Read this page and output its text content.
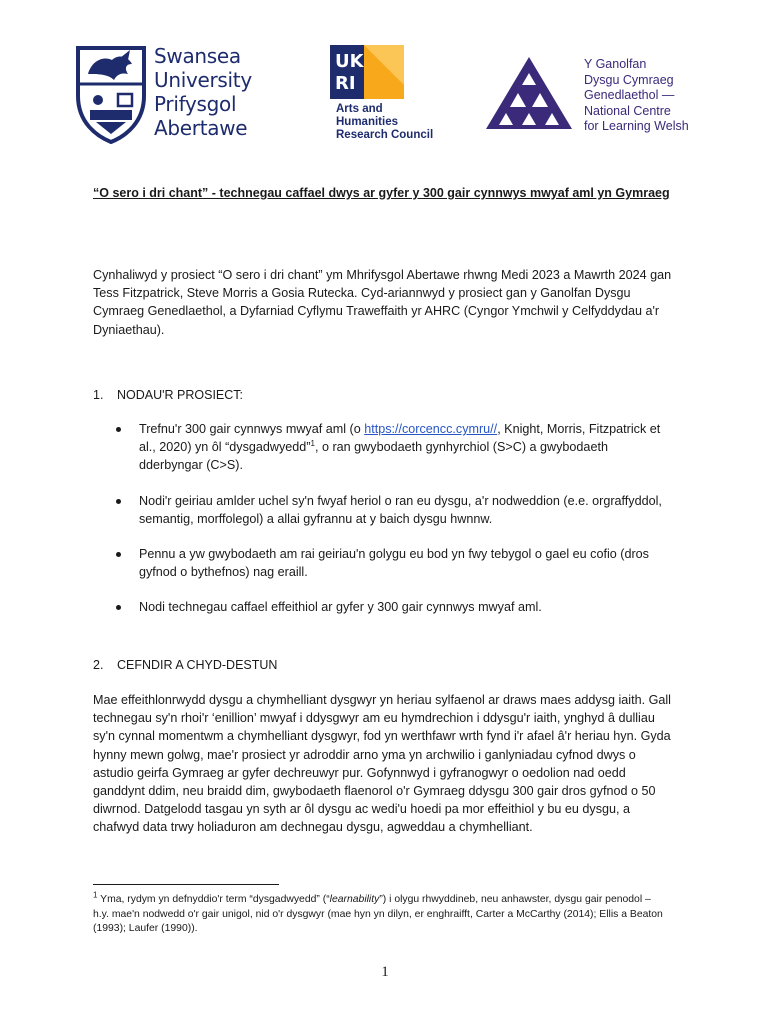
Swansea
University
Prifysgol
Abertawe
UK RI
Arts and
Humanities
Research Council
Y Ganolfan
Dysgu Cymraeg
Genedlaethol —
National Centre
for Learning Welsh
“O sero i dri chant” - technegau caffael dwys ar gyfer y 300 gair cynnwys mwyaf aml yn Gymraeg
Cynhaliwyd y prosiect “O sero i dri chant” ym Mhrifysgol Abertawe rhwng Medi 2023 a Mawrth 2024 gan Tess Fitzpatrick, Steve Morris a Gosia Rutecka. Cyd-ariannwyd y prosiect gan y Ganolfan Dysgu Cymraeg Genedlaethol, a Dyfarniad Cyflymu Traweffaith yr AHRC (Cyngor Ymchwil y Celfyddydau a'r Dyniaethau).
1. NODAU'R PROSIECT:
Trefnu'r 300 gair cynnwys mwyaf aml (o https://corcencc.cymru//, Knight, Morris, Fitzpatrick et al., 2020) yn ôl “dysgadwyedd”$^1$, o ran gwybodaeth gynhyrchiol (S>C) a gwybodaeth dderbyngar (C>S).
Nodi'r geiriau amlder uchel sy'n fwyaf heriol o ran eu dysgu, a'r nodweddion (e.e. orgraffyddol, semantig, morffolegol) a allai gyfrannu at y baich dysgu hwnnw.
Pennu a yw gwybodaeth am rai geiriau'n golygu eu bod yn fwy tebygol o gael eu cofio (dros gyfnod o bythefnos) nag eraill.
Nodi technegau caffael effeithiol ar gyfer y 300 gair cynnwys mwyaf aml.
2. CEFNDIR A CHYD-DESTUN
Mae effeithlonrwydd dysgu a chymhelliant dysgwyr yn heriau sylfaenol ar draws maes addysg iaith. Gall technegau sy'n rhoi'r ‘enillion’ mwyaf i ddysgwyr am eu hymdrechion i ddysgu'r iaith, ynghyd â dulliau sy'n cynnal momentwm a chymhelliant dysgwyr, fod yn werthfawr wrth fynd i'r afael â'r heriau hyn. Gyda hynny mewn golwg, mae'r prosiect yr adroddir arno yma yn archwilio i ganlyniadau cyfnod dwys o astudio geirfa Gymraeg ar gyfer dechreuwyr pur. Gofynnwyd i gyfranogwyr o oedolion nad oedd ganddynt ddim, neu braidd dim, gwybodaeth flaenorol o'r Gymraeg ddysgu 300 gair dros gyfnod o 50 diwrnod. Datgelodd tasgau yn syth ar ôl dysgu ac wedi'u hoedi pa mor effeithiol y bu eu dysgu, a chafwyd data trwy holiaduron am dechnegau dysgu, agweddau a chymhelliant.
$^1$ Yma, rydym yn defnyddio'r term “dysgadwyedd” (“learnability”) i olygu rhwyddineb, neu anhawster, dysgu gair penodol – h.y. mae'n nodwedd o'r gair unigol, nid o'r dysgwyr (mae hyn yn dilyn, er enghraifft, Carter a McCarthy (2014); Ellis a Beaton (1993); Laufer (1990)).
1
